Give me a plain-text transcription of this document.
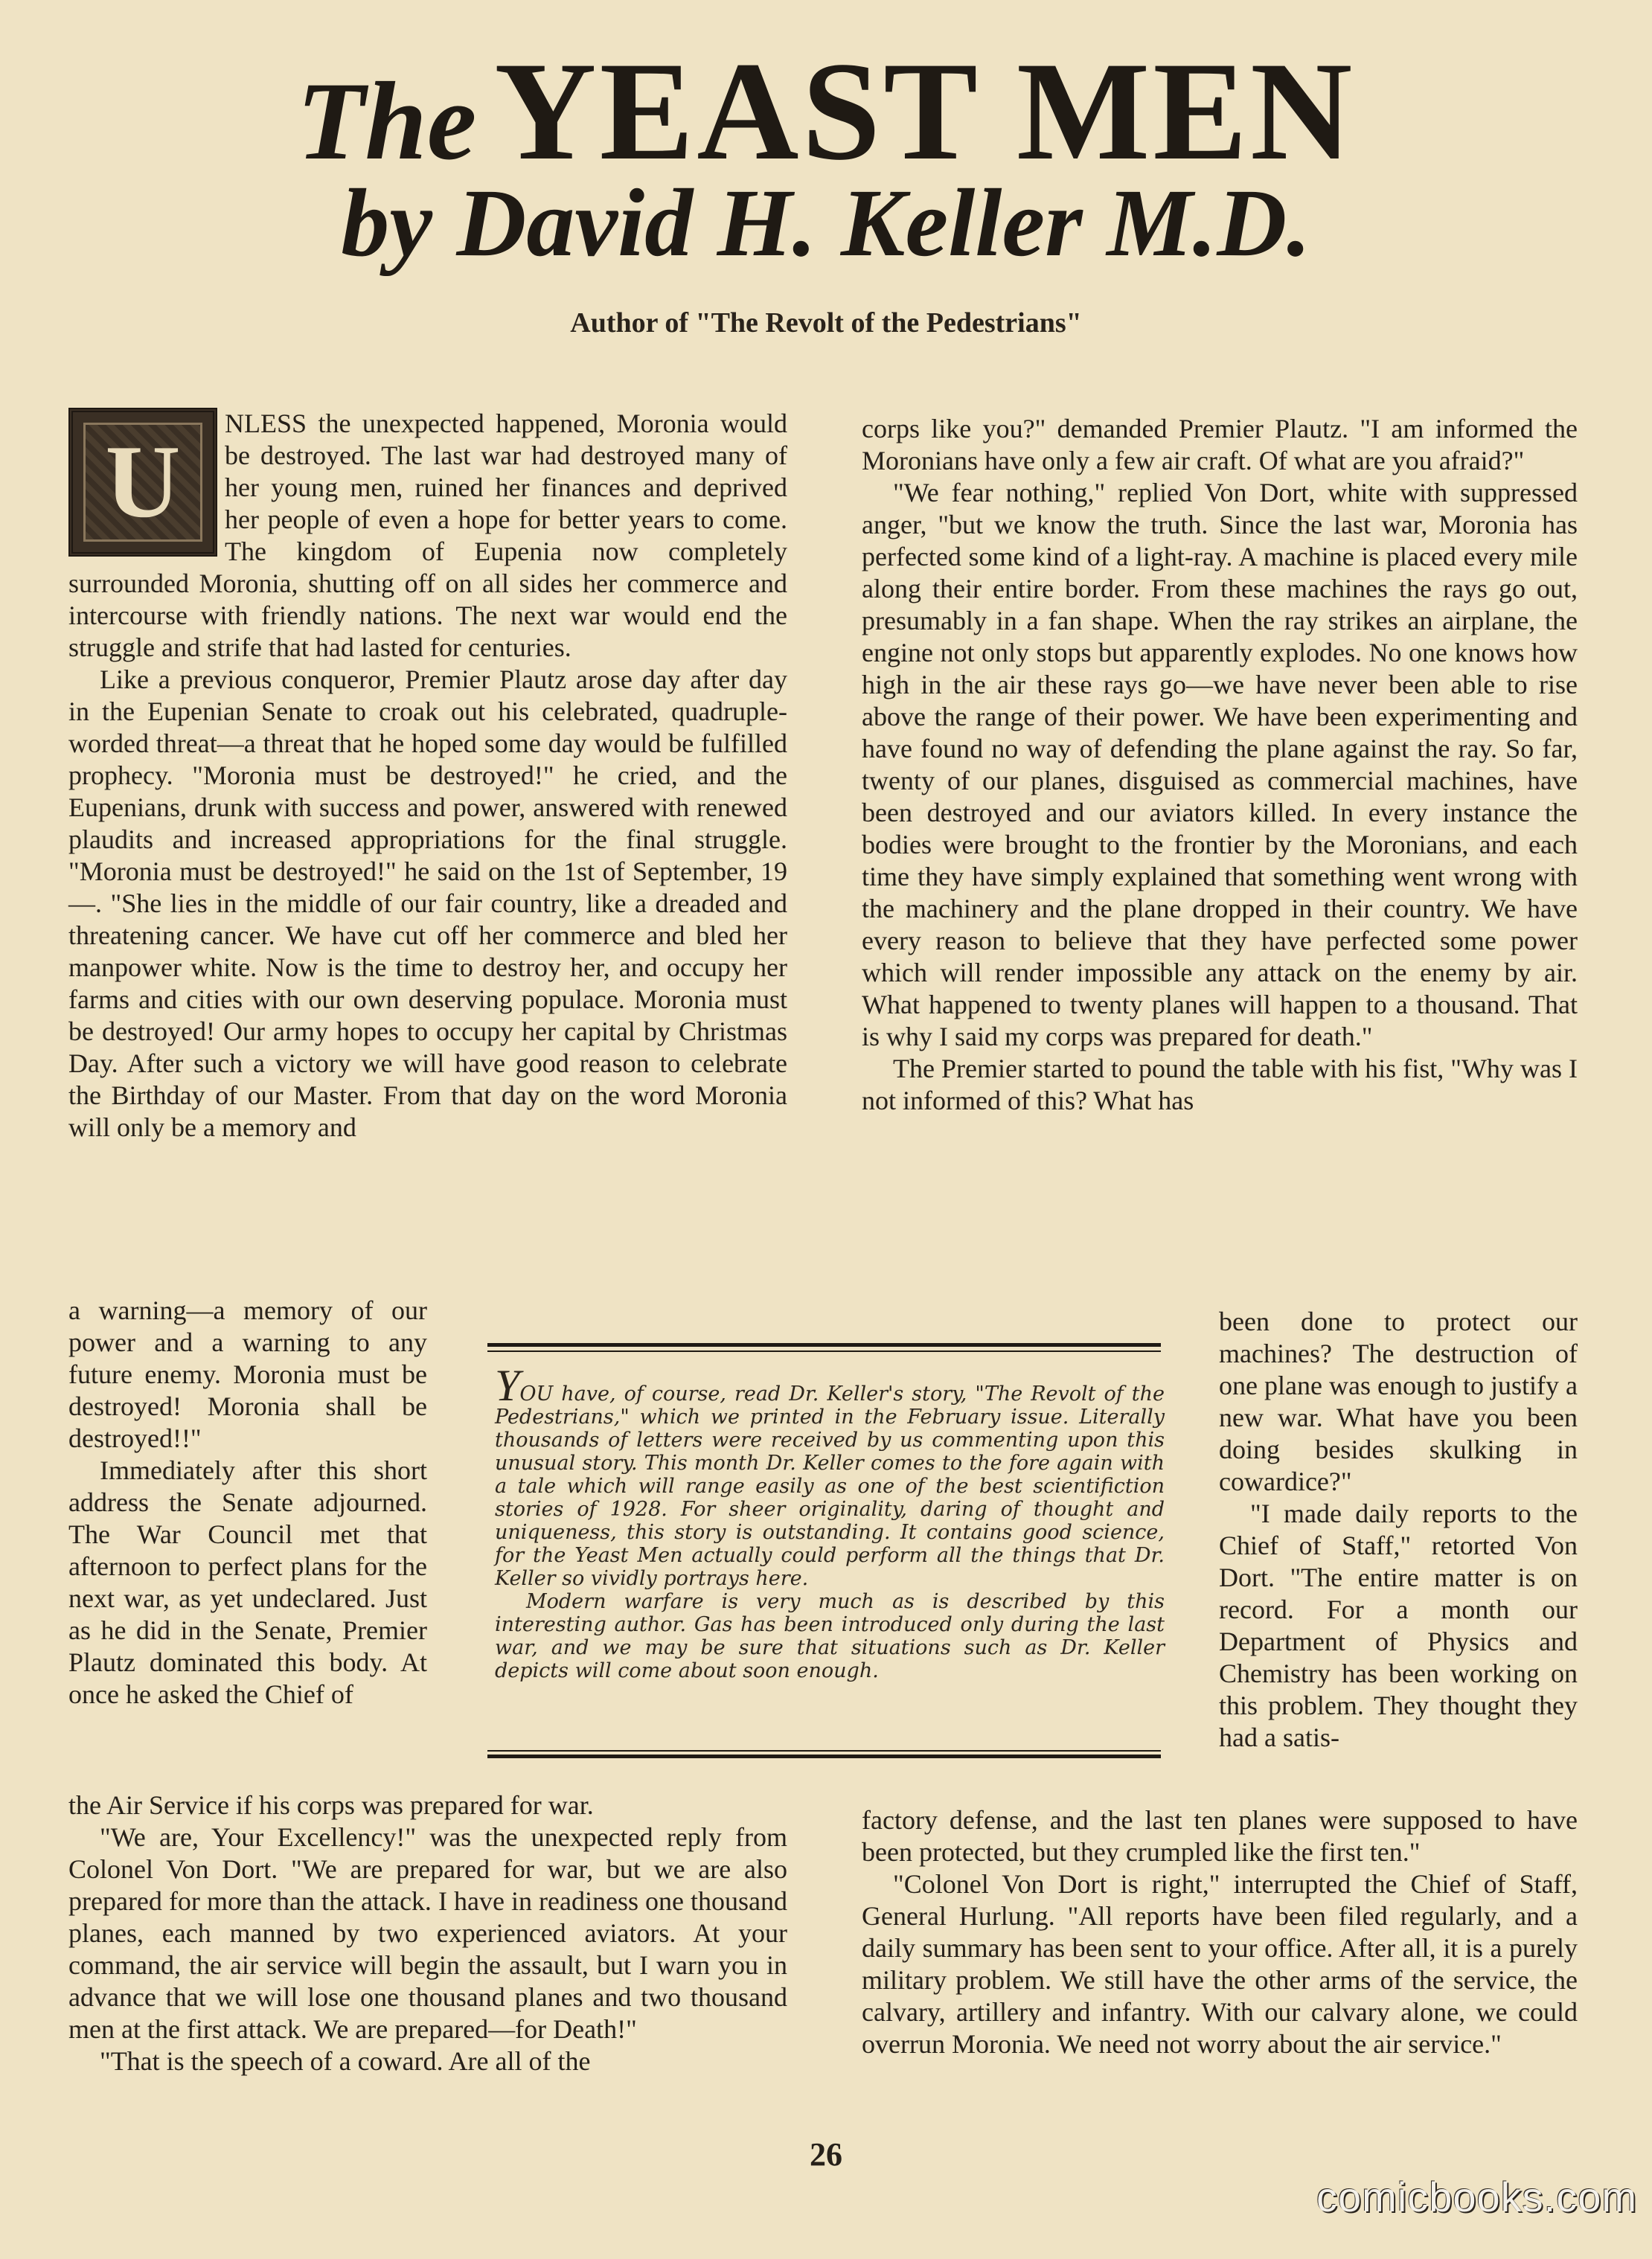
The YEAST MEN
by David H. Keller M.D.
Author of "The Revolt of the Pedestrians"
U

NLESS the unexpected happened, Moronia would be destroyed. The last war had destroyed many of her young men, ruined her finances and deprived her people of even a hope for better years to come. The kingdom of Eupenia now completely surrounded Moronia, shutting off on all sides her commerce and intercourse with friendly nations. The next war would end the struggle and strife that had lasted for centuries.

Like a previous conqueror, Premier Plautz arose day after day in the Eupenian Senate to croak out his celebrated, quadruple-worded threat—a threat that he hoped some day would be fulfilled prophecy. "Moronia must be destroyed!" he cried, and the Eupenians, drunk with success and power, answered with renewed plaudits and increased appropriations for the final struggle. "Moronia must be destroyed!" he said on the 1st of September, 19—. "She lies in the middle of our fair country, like a dreaded and threatening cancer. We have cut off her commerce and bled her manpower white. Now is the time to destroy her, and occupy her farms and cities with our own deserving populace. Moronia must be destroyed! Our army hopes to occupy her capital by Christmas Day. After such a victory we will have good reason to celebrate the Birthday of our Master. From that day on the word Moronia will only be a memory and

a warning—a memory of our power and a warning to any future enemy. Moronia must be destroyed! Moronia shall be destroyed!!"

Immediately after this short address the Senate adjourned. The War Council met that afternoon to perfect plans for the next war, as yet undeclared. Just as he did in the Senate, Premier Plautz dominated this body. At once he asked the Chief of

the Air Service if his corps was prepared for war.

"We are, Your Excellency!" was the unexpected reply from Colonel Von Dort. "We are prepared for war, but we are also prepared for more than the attack. I have in readiness one thousand planes, each manned by two experienced aviators. At your command, the air service will begin the assault, but I warn you in advance that we will lose one thousand planes and two thousand men at the first attack. We are prepared—for Death!"

"That is the speech of a coward. Are all of the

corps like you?" demanded Premier Plautz. "I am informed the Moronians have only a few air craft. Of what are you afraid?"

"We fear nothing," replied Von Dort, white with suppressed anger, "but we know the truth. Since the last war, Moronia has perfected some kind of a light-ray. A machine is placed every mile along their entire border. From these machines the rays go out, presumably in a fan shape. When the ray strikes an airplane, the engine not only stops but apparently explodes. No one knows how high in the air these rays go—we have never been able to rise above the range of their power. We have been experimenting and have found no way of defending the plane against the ray. So far, twenty of our planes, disguised as commercial machines, have been destroyed and our aviators killed. In every instance the bodies were brought to the frontier by the Moronians, and each time they have simply explained that something went wrong with the machinery and the plane dropped in their country. We have every reason to believe that they have perfected some power which will render impossible any attack on the enemy by air. What happened to twenty planes will happen to a thousand. That is why I said my corps was prepared for death."

The Premier started to pound the table with his fist, "Why was I not informed of this? What has

been done to protect our machines? The destruction of one plane was enough to justify a new war. What have you been doing besides skulking in cowardice?"

"I made daily reports to the Chief of Staff," retorted Von Dort. "The entire matter is on record. For a month our Department of Physics and Chemistry has been working on this problem. They thought they had a satis-

factory defense, and the last ten planes were supposed to have been protected, but they crumpled like the first ten."

"Colonel Von Dort is right," interrupted the Chief of Staff, General Hurlung. "All reports have been filed regularly, and a daily summary has been sent to your office. After all, it is a purely military problem. We still have the other arms of the service, the calvary, artillery and infantry. With our calvary alone, we could overrun Moronia. We need not worry about the air service."

YOU have, of course, read Dr. Keller's story, "The Revolt of the Pedestrians," which we printed in the February issue. Literally thousands of letters were received by us commenting upon this unusual story. This month Dr. Keller comes to the fore again with a tale which will range easily as one of the best scientifiction stories of 1928. For sheer originality, daring of thought and uniqueness, this story is outstanding. It contains good science, for the Yeast Men actually could perform all the things that Dr. Keller so vividly portrays here.

Modern warfare is very much as is described by this interesting author. Gas has been introduced only during the last war, and we may be sure that situations such as Dr. Keller depicts will come about soon enough.

26
comicbooks.com
